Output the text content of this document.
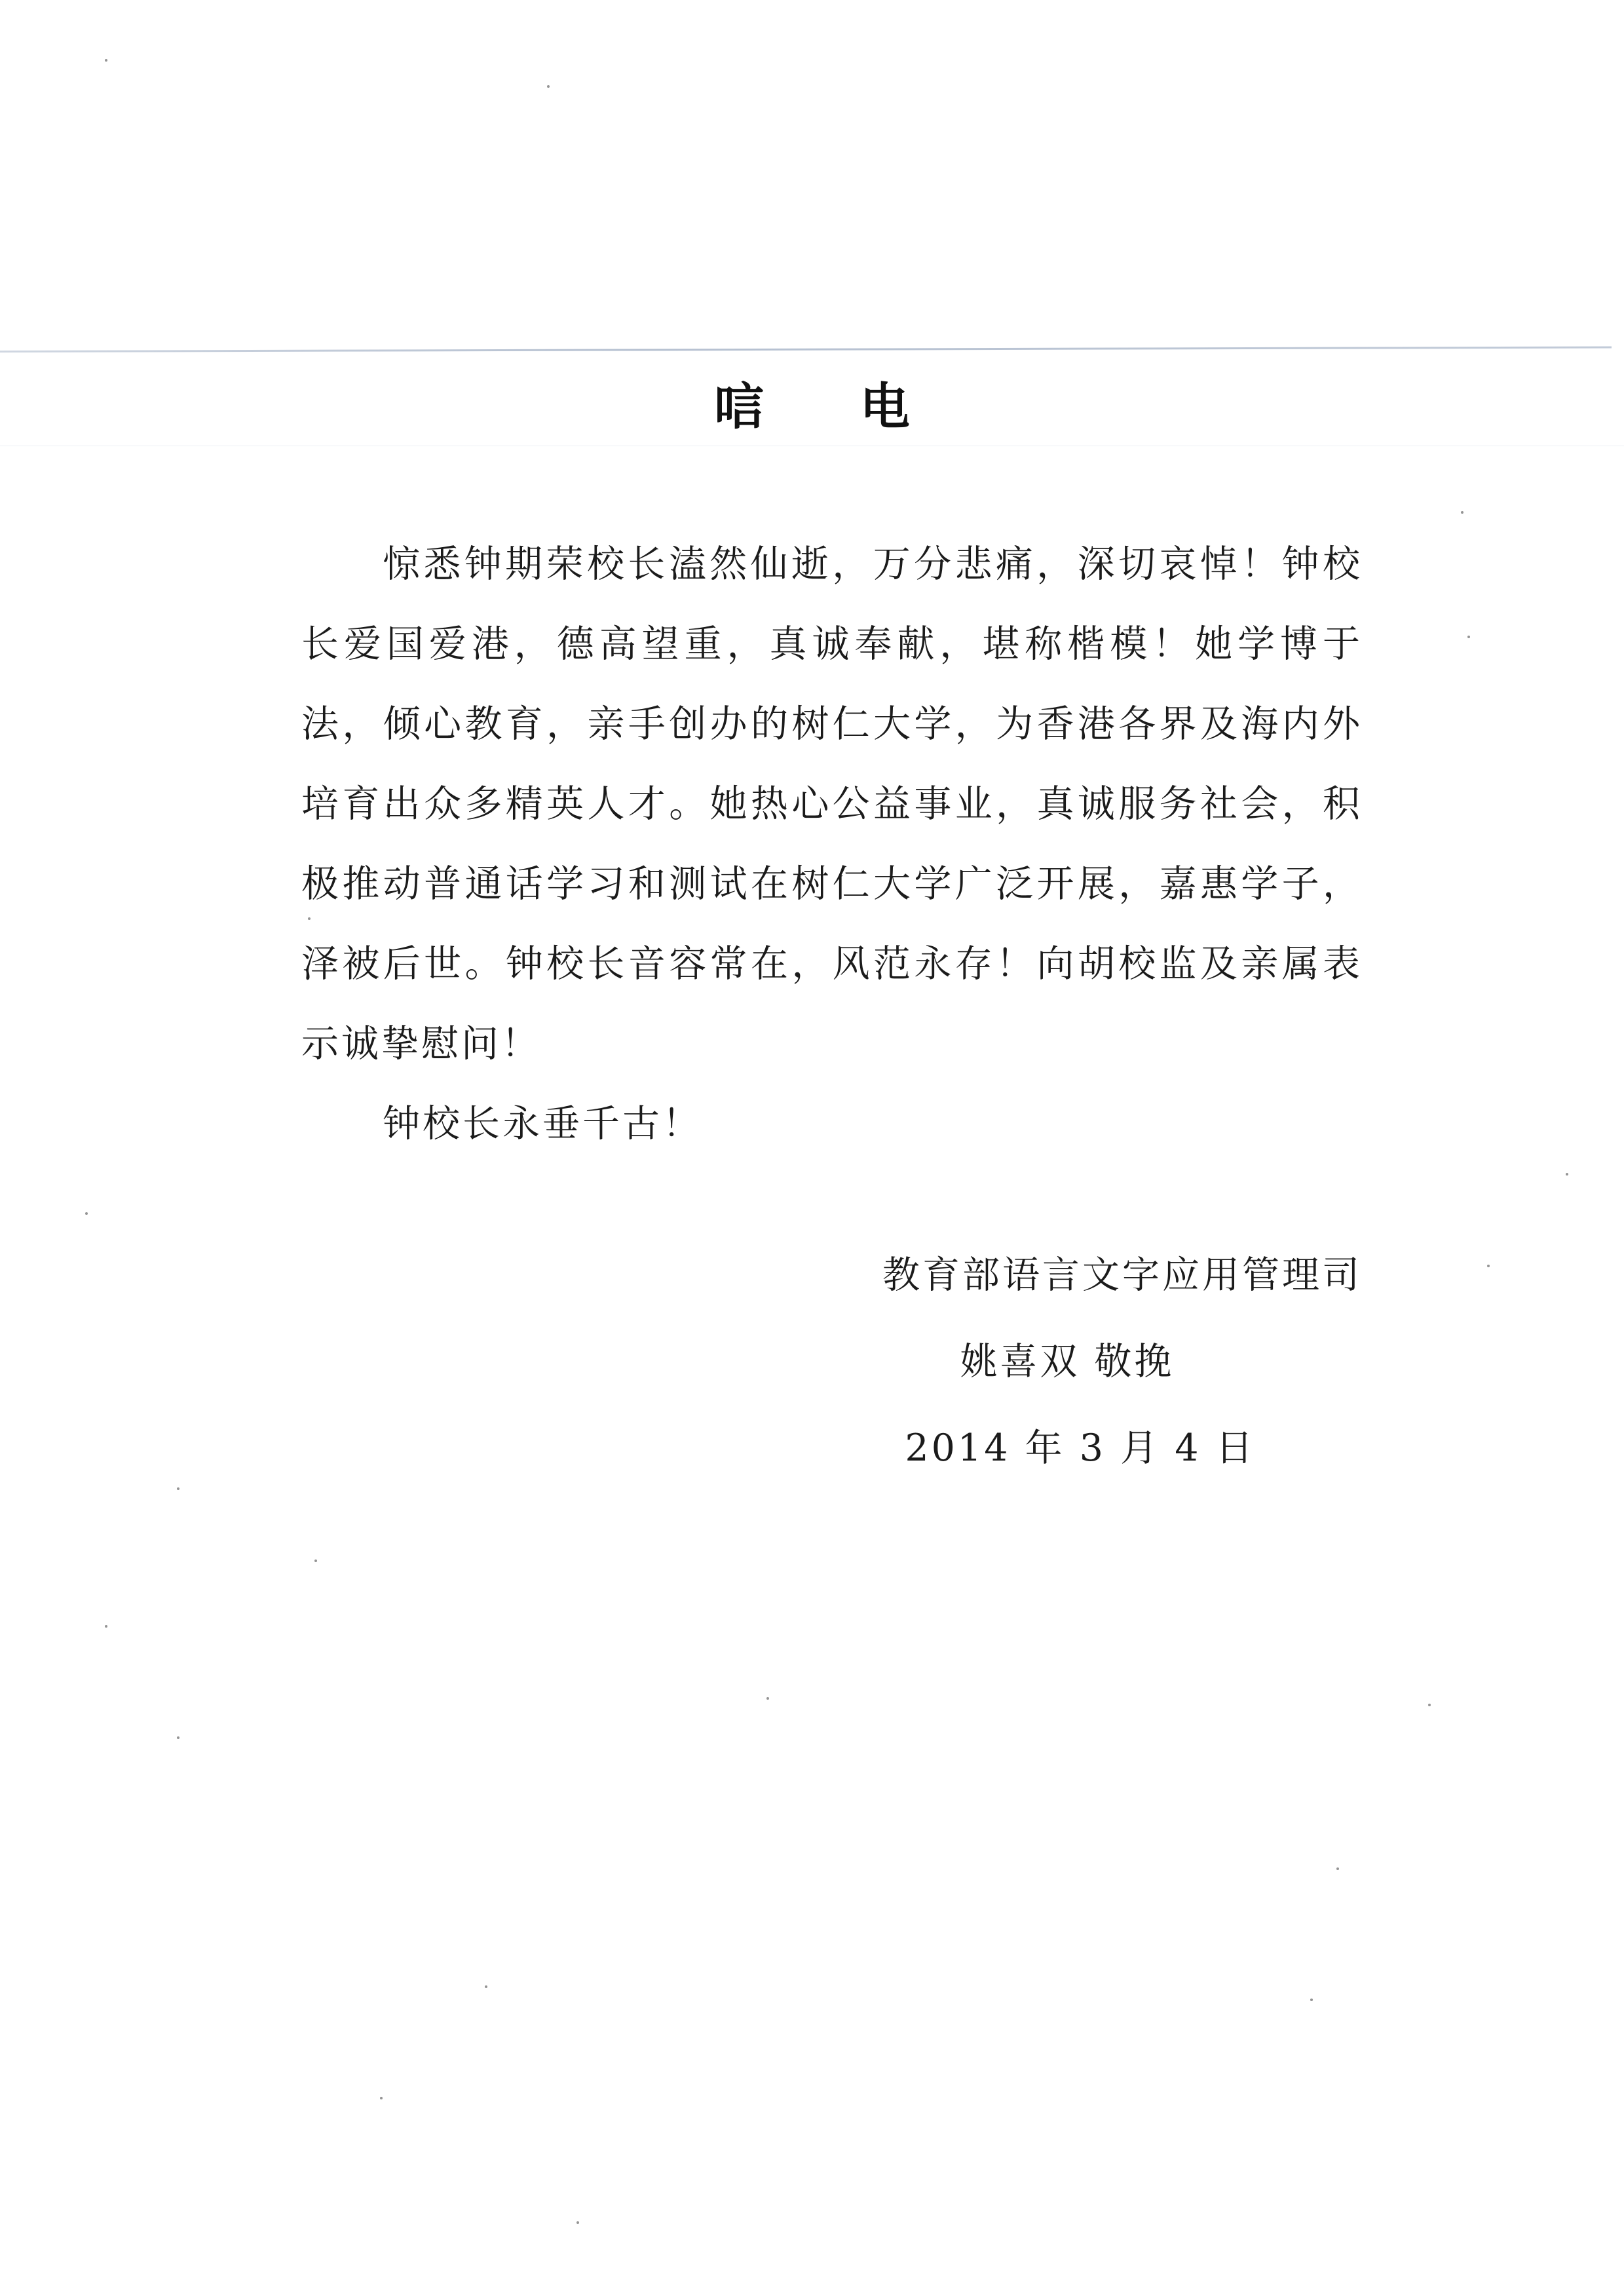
唁 电

惊悉钟期荣校长溘然仙逝，万分悲痛，深切哀悼！钟校长爱国爱港，德高望重，真诚奉献，堪称楷模！她学博于法，倾心教育，亲手创办的树仁大学，为香港各界及海内外培育出众多精英人才。她热心公益事业，真诚服务社会，积极推动普通话学习和测试在树仁大学广泛开展，嘉惠学子，泽被后世。钟校长音容常在，风范永存！向胡校监及亲属表示诚挚慰问！

钟校长永垂千古！

教育部语言文字应用管理司
姚喜双 敬挽
2014 年 3 月 4 日
